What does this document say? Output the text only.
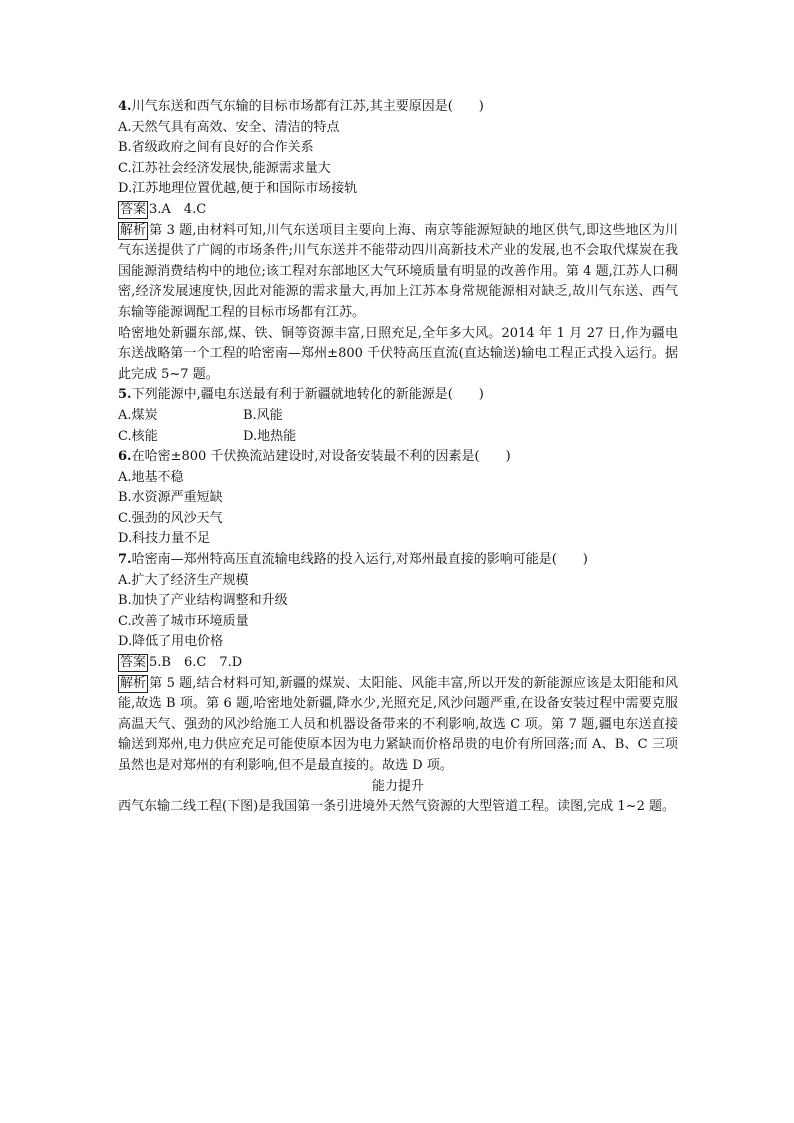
4.川气东送和西气东输的目标市场都有江苏,其主要原因是(　　)
A.天然气具有高效、安全、清洁的特点
B.省级政府之间有良好的合作关系
C.江苏社会经济发展快,能源需求量大
D.江苏地理位置优越,便于和国际市场接轨
答案 3.A　4.C
解析 第 3 题,由材料可知,川气东送项目主要向上海、南京等能源短缺的地区供气,即这些地区为川气东送提供了广阔的市场条件;川气东送并不能带动四川高新技术产业的发展,也不会取代煤炭在我国能源消费结构中的地位;该工程对东部地区大气环境质量有明显的改善作用。第 4 题,江苏人口稠密,经济发展速度快,因此对能源的需求量大,再加上江苏本身常规能源相对缺乏,故川气东送、西气东输等能源调配工程的目标市场都有江苏。
哈密地处新疆东部,煤、铁、铜等资源丰富,日照充足,全年多大风。2014 年 1 月 27 日,作为疆电东送战略第一个工程的哈密南—郑州±800 千伏特高压直流(直达输送)输电工程正式投入运行。据此完成 5~7 题。
5.下列能源中,疆电东送最有利于新疆就地转化的新能源是(　　)
A.煤炭	B.风能
C.核能	D.地热能
6.在哈密±800 千伏换流站建设时,对设备安装最不利的因素是(　　)
A.地基不稳
B.水资源严重短缺
C.强劲的风沙天气
D.科技力量不足
7.哈密南—郑州特高压直流输电线路的投入运行,对郑州最直接的影响可能是(　　)
A.扩大了经济生产规模
B.加快了产业结构调整和升级
C.改善了城市环境质量
D.降低了用电价格
答案 5.B　6.C　7.D
解析 第 5 题,结合材料可知,新疆的煤炭、太阳能、风能丰富,所以开发的新能源应该是太阳能和风能,故选 B 项。第 6 题,哈密地处新疆,降水少,光照充足,风沙问题严重,在设备安装过程中需要克服高温天气、强劲的风沙给施工人员和机器设备带来的不利影响,故选 C 项。第 7 题,疆电东送直接输送到郑州,电力供应充足可能使原本因为电力紧缺而价格昂贵的电价有所回落;而 A、B、C 三项虽然也是对郑州的有利影响,但不是最直接的。故选 D 项。
能力提升
西气东输二线工程(下图)是我国第一条引进境外天然气资源的大型管道工程。读图,完成 1~2 题。
